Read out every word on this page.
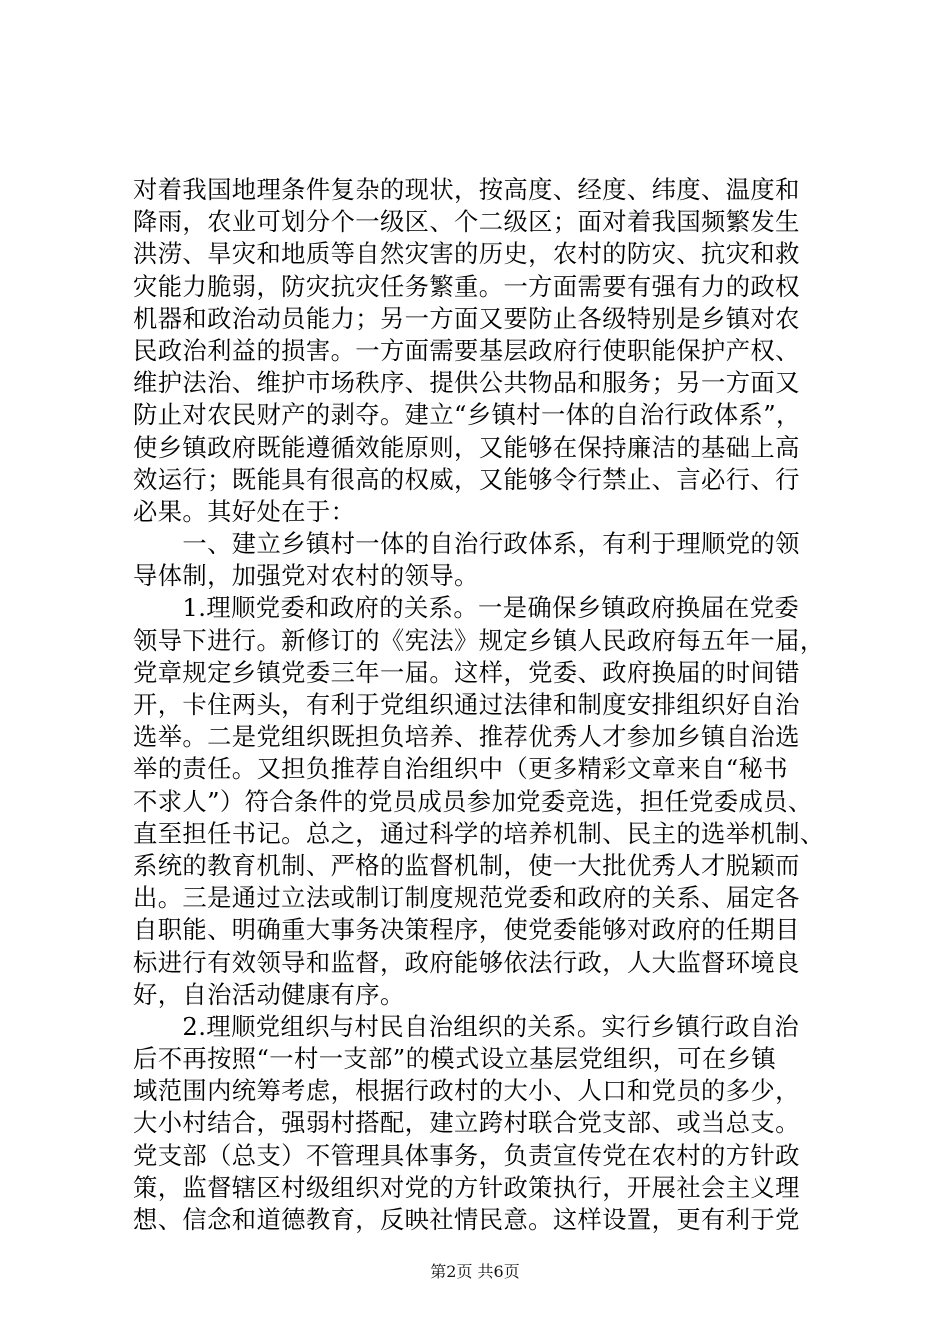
对着我国地理条件复杂的现状，按高度、经度、纬度、温度和
降雨，农业可划分个一级区、个二级区；面对着我国频繁发生
洪涝、旱灾和地质等自然灾害的历史，农村的防灾、抗灾和救
灾能力脆弱，防灾抗灾任务繁重。一方面需要有强有力的政权
机器和政治动员能力；另一方面又要防止各级特别是乡镇对农
民政治利益的损害。一方面需要基层政府行使职能保护产权、
维护法治、维护市场秩序、提供公共物品和服务；另一方面又
防止对农民财产的剥夺。建立“乡镇村一体的自治行政体系”，
使乡镇政府既能遵循效能原则，又能够在保持廉洁的基础上高
效运行；既能具有很高的权威，又能够令行禁止、言必行、行
必果。其好处在于：
　　一、建立乡镇村一体的自治行政体系，有利于理顺党的领
导体制，加强党对农村的领导。
　　1.理顺党委和政府的关系。一是确保乡镇政府换届在党委
领导下进行。新修订的《宪法》规定乡镇人民政府每五年一届，
党章规定乡镇党委三年一届。这样，党委、政府换届的时间错
开，卡住两头，有利于党组织通过法律和制度安排组织好自治
选举。二是党组织既担负培养、推荐优秀人才参加乡镇自治选
举的责任。又担负推荐自治组织中（更多精彩文章来自“秘书
不求人”）符合条件的党员成员参加党委竞选，担任党委成员、
直至担任书记。总之，通过科学的培养机制、民主的选举机制、
系统的教育机制、严格的监督机制，使一大批优秀人才脱颖而
出。三是通过立法或制订制度规范党委和政府的关系、届定各
自职能、明确重大事务决策程序，使党委能够对政府的任期目
标进行有效领导和监督，政府能够依法行政，人大监督环境良
好，自治活动健康有序。
　　2.理顺党组织与村民自治组织的关系。实行乡镇行政自治
后不再按照“一村一支部”的模式设立基层党组织，可在乡镇
域范围内统筹考虑，根据行政村的大小、人口和党员的多少，
大小村结合，强弱村搭配，建立跨村联合党支部、或当总支。
党支部（总支）不管理具体事务，负责宣传党在农村的方针政
策，监督辖区村级组织对党的方针政策执行，开展社会主义理
想、信念和道德教育，反映社情民意。这样设置，更有利于党
第2页 共6页
